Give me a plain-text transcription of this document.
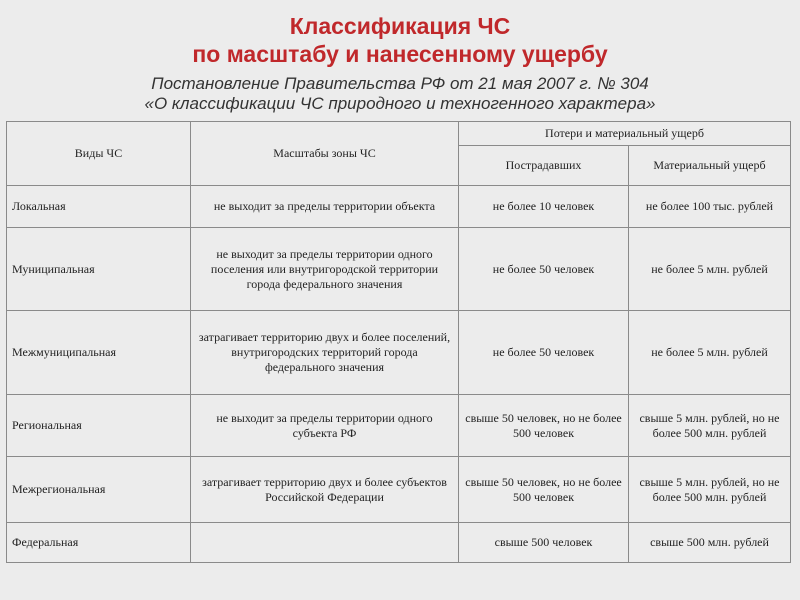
Классификация ЧС
по масштабу и нанесенному ущербу
Постановление Правительства РФ от 21 мая 2007 г. № 304
«О классификации ЧС природного и техногенного характера»
Виды ЧС	Масштабы зоны ЧС	Потери и материальный ущерб	
		Пострадавших	Материальный ущерб
Локальная	не выходит за пределы территории объекта	не более 10 человек	не более 100 тыс. рублей
Муниципальная	не выходит за пределы территории одного поселения или внутригородской территории города федерального значения	не более 50 человек	не более 5 млн. рублей
Межмуниципальная	затрагивает территорию двух и более поселений, внутригородских территорий города федерального значения	не более 50 человек	не более 5 млн. рублей
Региональная	не выходит за пределы территории одного субъекта РФ	свыше 50 человек, но не более 500 человек	свыше 5 млн. рублей, но не более 500 млн. рублей
Межрегиональная	затрагивает территорию двух и более субъектов Российской Федерации	свыше 50 человек, но не более 500 человек	свыше 5 млн. рублей, но не более 500 млн. рублей
Федеральная		свыше 500 человек	свыше 500 млн. рублей
